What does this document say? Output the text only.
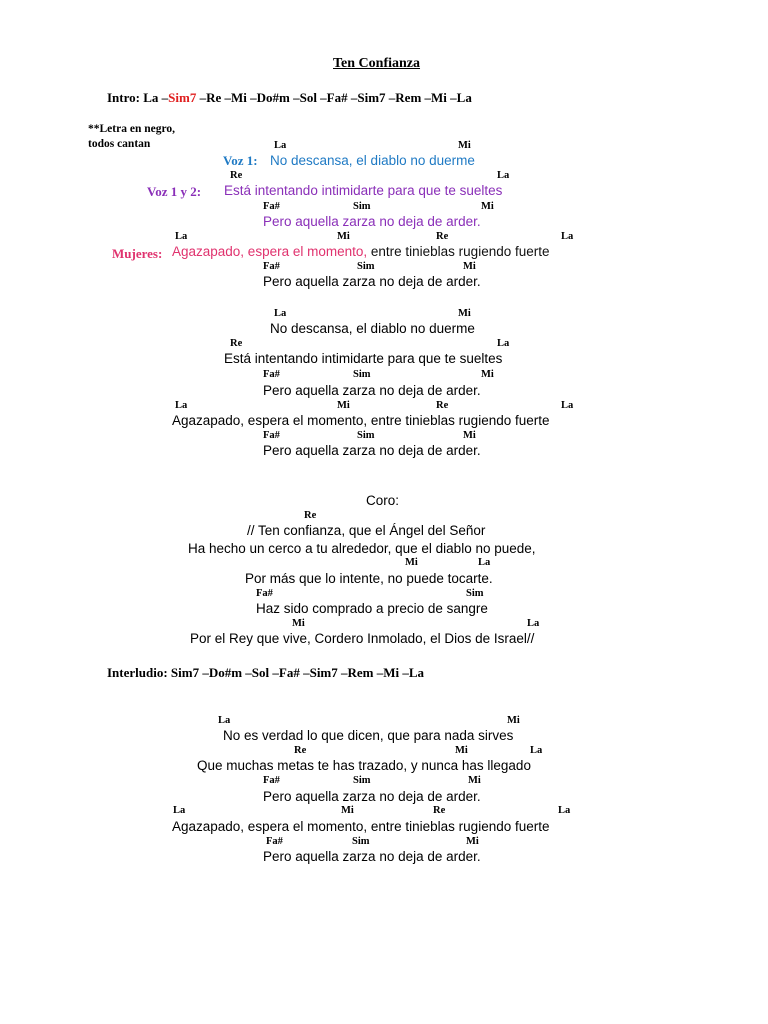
Ten Confianza
Intro: La –Sim7 –Re –Mi –Do#m –Sol –Fa# –Sim7 –Rem –Mi –La
**Letra en negro,
todos cantan	La	Mi
Voz 1: No descansa, el diablo no duerme
Re	La
Voz 1 y 2: Está intentando intimidarte para que te sueltes
Fa#	Sim	Mi
Pero aquella zarza no deja de arder.
La	Mi	Re	La
Mujeres: Agazapado, espera el momento, entre tinieblas rugiendo fuerte
Fa#	Sim	Mi
Pero aquella zarza no deja de arder.
La	Mi
No descansa, el diablo no duerme
Re	La
Está intentando intimidarte para que te sueltes
Fa#	Sim	Mi
Pero aquella zarza no deja de arder.
La	Mi	Re	La
Agazapado, espera el momento, entre tinieblas rugiendo fuerte
Fa#	Sim	Mi
Pero aquella zarza no deja de arder.
Coro:
Re
// Ten confianza, que el Ángel del Señor
Ha hecho un cerco a tu alrededor, que el diablo no puede,
Mi	La
Por más que lo intente, no puede tocarte.
Fa#	Sim
Haz sido comprado a precio de sangre
Mi	La
Por el Rey que vive, Cordero Inmolado, el Dios de Israel//
Interludio: Sim7 –Do#m –Sol –Fa# –Sim7 –Rem –Mi –La
La	Mi
No es verdad lo que dicen, que para nada sirves
Re	Mi	La
Que muchas metas te has trazado, y nunca has llegado
Fa#	Sim	Mi
Pero aquella zarza no deja de arder.
La	Mi	Re	La
Agazapado, espera el momento, entre tinieblas rugiendo fuerte
Fa#	Sim	Mi
Pero aquella zarza no deja de arder.
